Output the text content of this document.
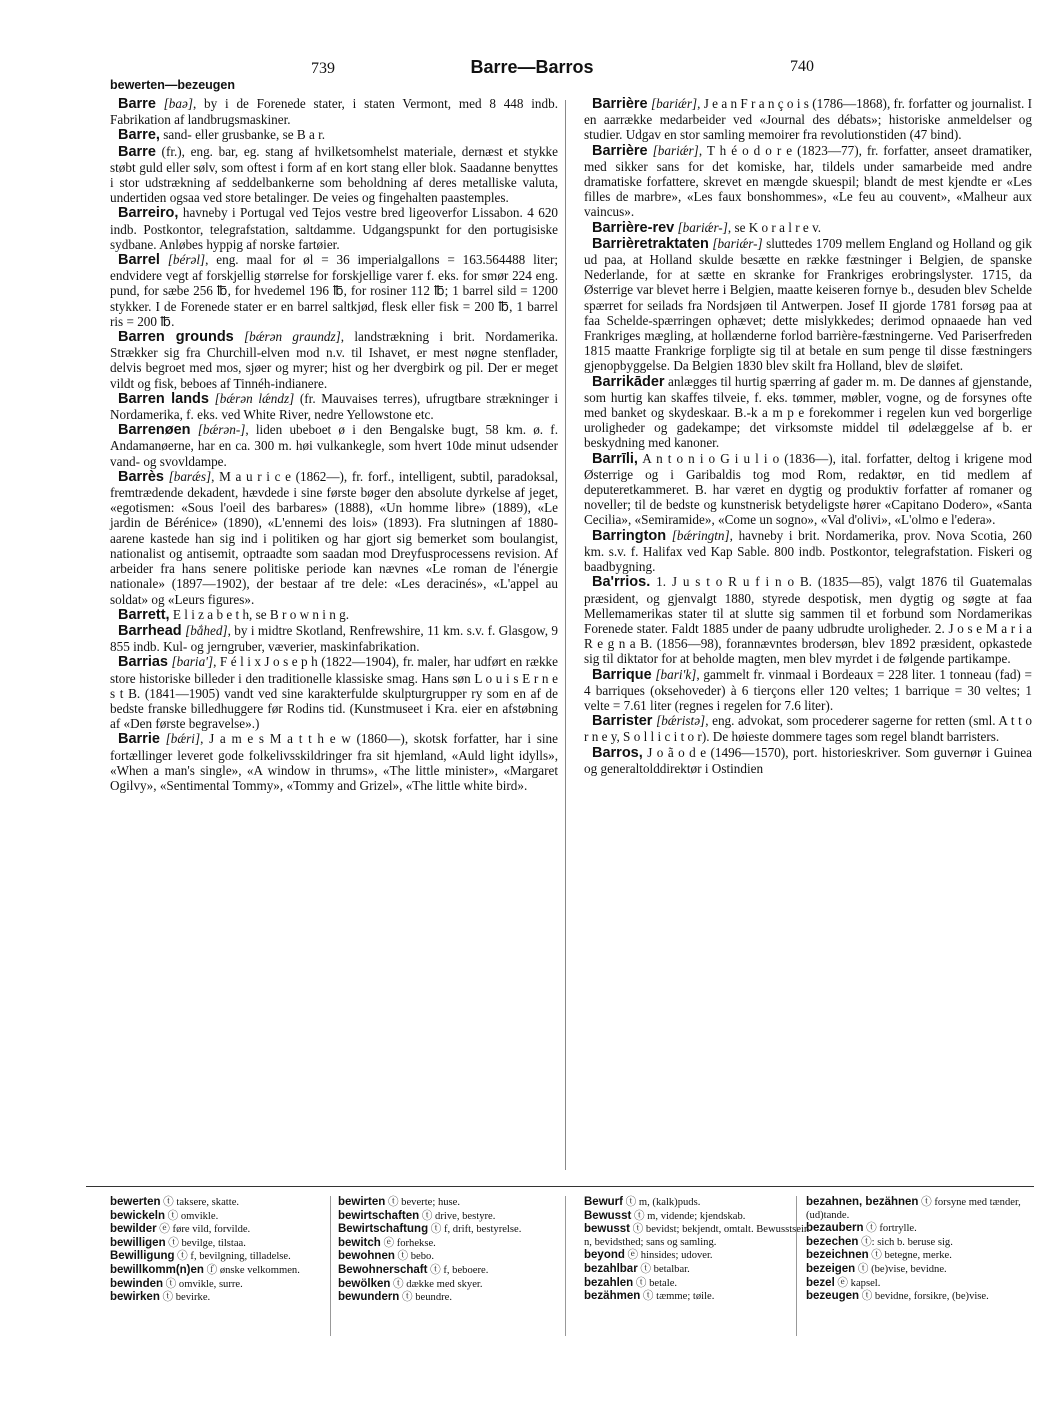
739	Barre—Barros	740
bewerten—bezeugen

Barre [baə], by i de Forenede stater, i staten Vermont, med 8 448 indb. Fabrikation af landbrugsmaskiner.

Barre, sand- eller grusbanke, se B a r.

Barre (fr.), eng. bar, eg. stang af hvilketsomhelst materiale, dernæst et stykke støbt guld eller sølv, som oftest i form af en kort stang eller blok. Saadanne benyttes i stor udstrækning af seddelbankerne som beholdning af deres metalliske valuta, undertiden ogsaa ved store betalinger. De veies og fingehalten paastemples.

Barreiro, havneby i Portugal ved Tejos vestre bred ligeoverfor Lissabon. 4 620 indb. Postkontor, telegrafstation, saltdamme. Udgangspunkt for den portugisiske sydbane. Anløbes hyppig af norske fartøier.

Barrel [bérəl], eng. maal for øl = 36 imperialgallons = 163.564488 liter; endvidere vegt af forskjellig størrelse for forskjellige varer f. eks. for smør 224 eng. pund, for sæbe 256 ℔, for hvedemel 196 ℔, for rosiner 112 ℔; 1 barrel sild = 1200 stykker. I de Forenede stater er en barrel saltkjød, flesk eller fisk = 200 ℔, 1 barrel ris = 200 ℔.

Barren grounds [bǽrən graundz], landstrækning i brit. Nordamerika. Strækker sig fra Churchill-elven mod n.v. til Ishavet, er mest nøgne stenflader, delvis begroet med mos, sjøer og myrer; hist og her dvergbirk og pil. Der er meget vildt og fisk, beboes af Tinnéh-indianere.

Barren lands [bǽrən lǽndz] (fr. Mauvaises terres), ufrugtbare strækninger i Nordamerika, f. eks. ved White River, nedre Yellowstone etc.

Barrenøen [bǽrən-], liden ubeboet ø i den Bengalske bugt, 58 km. ø. f. Andamanøerne, har en ca. 300 m. høi vulkankegle, som hvert 10de minut udsender vand- og svovldampe.

Barrès [barǽs], M a u r i c e (1862—), fr. forf., intelligent, subtil, paradoksal, fremtrædende dekadent, hævdede i sine første bøger den absolute dyrkelse af jeget, «egotismen: «Sous l'oeil des barbares» (1888), «Un homme libre» (1889), «Le jardin de Bérénice» (1890), «L'ennemi des lois» (1893). Fra slutningen af 1880-aarene kastede han sig ind i politiken og har gjort sig bemerket som boulangist, nationalist og antisemit, optraadte som saadan mod Dreyfusprocessens revision. Af arbeider fra hans senere politiske periode kan nævnes «Le roman de l'énergie nationale» (1897—1902), der bestaar af tre dele: «Les deracinés», «L'appel au soldat» og «Leurs figures».

Barrett, E l i z a b e t h, se B r o w n i n g.

Barrhead [bắhed], by i midtre Skotland, Renfrewshire, 11 km. s.v. f. Glasgow, 9 855 indb. Kul- og jerngruber, væverier, maskinfabrikation.

Barrias [baria'], F é l i x J o s e p h (1822—1904), fr. maler, har udført en række store historiske billeder i den traditionelle klassiske smag. Hans søn L o u i s E r n e s t B. (1841—1905) vandt ved sine karakterfulde skulpturgrupper ry som en af de bedste franske billedhuggere før Rodins tid. (Kunstmuseet i Kra. eier en afstøbning af «Den første begravelse».)

Barrie [bǽri], J a m e s M a t t h e w (1860—), skotsk forfatter, har i sine fortællinger leveret gode folkelivsskildringer fra sit hjemland, «Auld light idylls», «When a man's single», «A window in thrums», «The little minister», «Margaret Ogilvy», «Sentimental Tommy», «Tommy and Grizel», «The little white bird».

Barrière [bariǽr], J e a n F r a n ç o i s (1786—1868), fr. forfatter og journalist. I en aarrække medarbeider ved «Journal des débats»; historiske anmeldelser og studier. Udgav en stor samling memoirer fra revolutionstiden (47 bind).

Barrière [bariǽr], T h é o d o r e (1823—77), fr. forfatter, anseet dramatiker, med sikker sans for det komiske, har, tildels under samarbeide med andre dramatiske forfattere, skrevet en mængde skuespil; blandt de mest kjendte er «Les filles de marbre», «Les faux bonshommes», «Le feu au couvent», «Malheur aux vaincus».

Barrière-rev [bariǽr-], se K o r a l r e v.

Barrièretraktaten [bariǽr-] sluttedes 1709 mellem England og Holland og gik ud paa, at Holland skulde besætte en række fæstninger i Belgien, de spanske Nederlande, for at sætte en skranke for Frankriges erobringslyster. 1715, da Østerrige var blevet herre i Belgien, maatte keiseren fornye b., desuden blev Schelde spærret for seilads fra Nordsjøen til Antwerpen. Josef II gjorde 1781 forsøg paa at faa Schelde-spærringen ophævet; dette mislykkedes; derimod opnaaede han ved Frankriges mægling, at hollænderne forlod barrière-fæstningerne. Ved Pariserfreden 1815 maatte Frankrige forpligte sig til at betale en sum penge til disse fæstningers gjenopbyggelse. Da Belgien 1830 blev skilt fra Holland, blev de sløifet.

Barrikāder anlægges til hurtig spærring af gader m. m. De dannes af gjenstande, som hurtig kan skaffes tilveie, f. eks. tømmer, møbler, vogne, og de forsynes ofte med banket og skydeskaar. B.-k a m p e forekommer i regelen kun ved borgerlige uroligheder og gadekampe; det virksomste middel til ødelæggelse af b. er beskydning med kanoner.

Barrīli, A n t o n i o G i u l i o (1836—), ital. forfatter, deltog i krigene mod Østerrige og i Garibaldis tog mod Rom, redaktør, en tid medlem af deputeretkammeret. B. har været en dygtig og produktiv forfatter af romaner og noveller; til de bedste og kunstnerisk betydeligste hører «Capitano Dodero», «Santa Cecilia», «Semiramide», «Come un sogno», «Val d'olivi», «L'olmo e l'edera».

Barrington [bǽringtn], havneby i brit. Nordamerika, prov. Nova Scotia, 260 km. s.v. f. Halifax ved Kap Sable. 800 indb. Postkontor, telegrafstation. Fiskeri og baadbygning.

Ba'rrios. 1. J u s t o R u f i n o B. (1835—85), valgt 1876 til Guatemalas præsident, og gjenvalgt 1880, styrede despotisk, men dygtig og søgte at faa Mellemamerikas stater til at slutte sig sammen til et forbund som Nordamerikas Forenede stater. Faldt 1885 under de paany udbrudte uroligheder. 2. J o s e M a r i a R e g n a B. (1856—98), forannævntes brodersøn, blev 1892 præsident, opkastede sig til diktator for at beholde magten, men blev myrdet i de følgende partikampe.

Barrique [bari'k], gammelt fr. vinmaal i Bordeaux = 228 liter. 1 tonneau (fad) = 4 barriques (oksehoveder) à 6 tierçons eller 120 veltes; 1 barrique = 30 veltes; 1 velte = 7.61 liter (regnes i regelen for 7.6 liter).

Barrister [bǽristə], eng. advokat, som procederer sagerne for retten (sml. A t t o r n e y, S o l l i c i t o r). De høieste dommere tages som regel blandt barristers.

Barros, J o ã o d e (1496—1570), port. historieskriver. Som guvernør i Guinea og generaltolddirektør i Ostindien

bewerten ⓣ taksere, skatte.

bewickeln ⓣ omvikle.

bewilder ⓔ føre vild, forvilde.

bewilligen ⓣ bevilge, tilstaa.

Bewilligung ⓣ f, bevilgning, tilladelse.

bewillkomm(n)en ⓕ ønske velkommen.

bewinden ⓣ omvikle, surre.

bewirken ⓣ bevirke.

bewirten ⓣ beverte; huse.

bewirtschaften ⓣ drive, bestyre.

Bewirtschaftung ⓣ f, drift, bestyrelse.

bewitch ⓔ forhekse.

bewohnen ⓣ bebo.

Bewohnerschaft ⓣ f, beboere.

bewölken ⓣ dække med skyer.

bewundern ⓣ beundre.

Bewurf ⓣ m, (kalk)puds.

Bewusst ⓣ m, vidende; kjendskab.

bewusst ⓣ bevidst; bekjendt, omtalt. Bewusstsein n, bevidsthed; sans og samling.

beyond ⓔ hinsides; udover.

bezahlbar ⓣ betalbar.

bezahlen ⓣ betale.

bezähmen ⓣ tæmme; tøile.

bezahnen, bezähnen ⓣ forsyne med tænder, (ud)tande.

bezaubern ⓣ fortrylle.

bezechen ⓣ: sich b. beruse sig.

bezeichnen ⓣ betegne, merke.

bezeigen ⓣ (be)vise, bevidne.

bezel ⓔ kapsel.

bezeugen ⓣ bevidne, forsikre, (be)vise.
